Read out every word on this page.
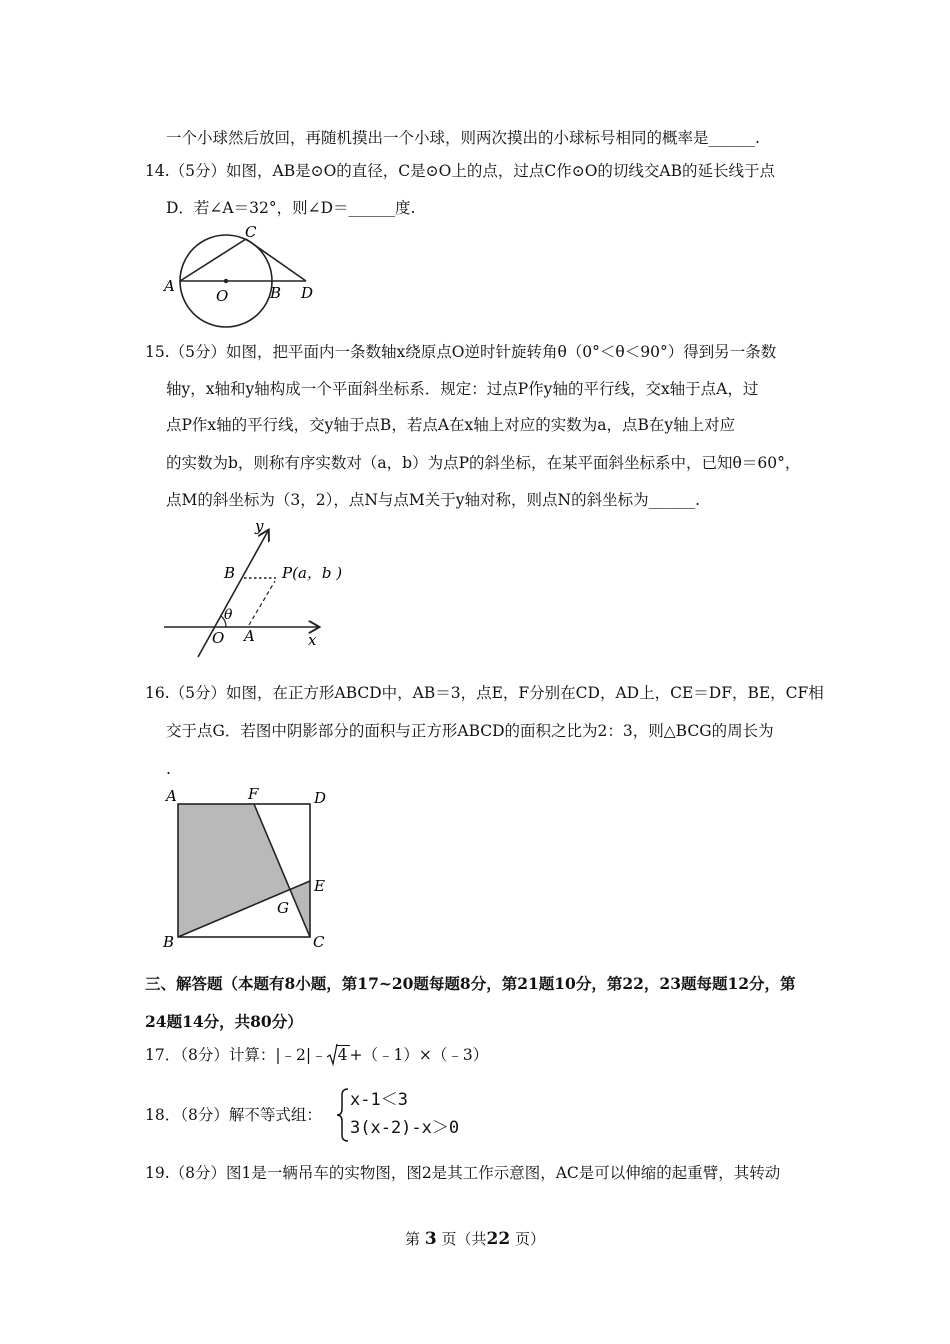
一个小球然后放回，再随机摸出一个小球，则两次摸出的小球标号相同的概率是______.
14.（5分）如图，AB是⊙O的直径，C是⊙O上的点，过点C作⊙O的切线交AB的延长线于点
D．若∠A＝32°，则∠D＝______度.
A
C
O	B D
15.（5分）如图，把平面内一条数轴x绕原点O逆时针旋转角θ（0°＜θ＜90°）得到另一条数
轴y，x轴和y轴构成一个平面斜坐标系．规定：过点P作y轴的平行线，交x轴于点A，过
点P作x轴的平行线，交y轴于点B，若点A在x轴上对应的实数为a，点B在y轴上对应
的实数为b，则称有序实数对（a，b）为点P的斜坐标，在某平面斜坐标系中，已知θ＝60°，
点M的斜坐标为（3，2），点N与点M关于y轴对称，则点N的斜坐标为______.
y
x
B	P(a，b )
θ
O A
16.（5分）如图，在正方形ABCD中，AB＝3，点E，F分别在CD，AD上，CE＝DF，BE，CF相
交于点G．若图中阴影部分的面积与正方形ABCD的面积之比为2：3，则△BCG的周长为
.
A	F	D
E
G
B	C
三、解答题（本题有8小题，第17~20题每题8分，第21题10分，第22，23题每题12分，第
24题14分，共80分）
17．（8分）计算：|﹣2|﹣ 4 +（﹣1）×（﹣3）
18．（8分）解不等式组：
x-1＜3
3(x-2)-x＞0
19.（8分）图1是一辆吊车的实物图，图2是其工作示意图，AC是可以伸缩的起重臂，其转动
第 3 页（共22 页）
